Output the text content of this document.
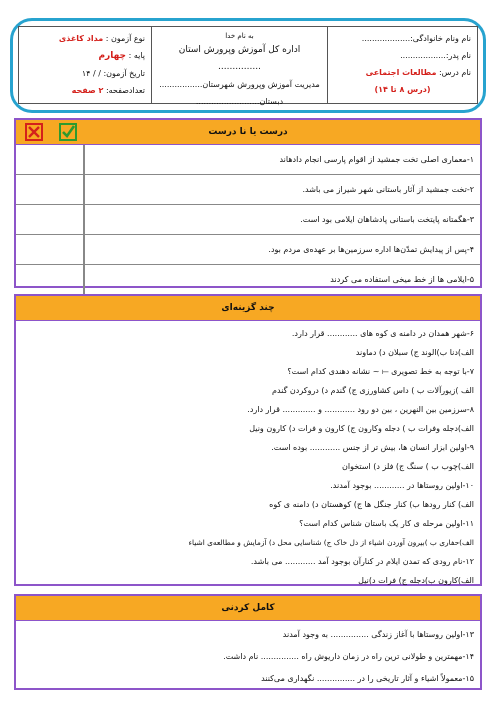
نام ونام خانوادگی:...................
نام پدر:..................
نام درس: مطالعات اجتماعی
(درس ۸ تا ۱۴)
به نام خدا
اداره کل آموزش وپرورش استان ...............
مدیریت آموزش وپرورش شهرستان.................
دبستان.........................
نوع آزمون : مداد کاغذی
پایه : چهارم
تاریخ آزمون: / / ۱۴
تعدادصفحه: ۲ صفحه
درست یا نا درست
۱-معماری اصلی تخت جمشید از اقوام پارسی انجام دادهاند
۲-تخت جمشید از آثار باستانی شهر شیراز می باشد.
۳-هگمتانه پایتخت باستانی پادشاهان ایلامی بود است.
۴-پس از پیدایش تمدّن‌ها اداره سرزمین‌ها بر عهده‌ی مردم بود.
۵-ایلامی ها از خط میخی استفاده می کردند
چند گزینه‌ای
۶-شهر همدان در دامنه ی کوه های ............ قرار دارد.
الف)دنا ب)الوند ج) سبلان د) دماوند
۷-با توجه به خط تصویری ⟞ ~ نشانه دهندی کدام است؟
الف )زیورآلات ب ) داس کشاورزی ج) گندم د) دروکردن گندم
۸-سرزمین بین النهرین ، بین دو رود ............ و ............. قرار دارد.
الف)دجله وفرات ب ) دجله وکارون ج) کارون و فرات د) کارون ونیل
۹-اولین ابزار انسان ها، بیش تر از جنس ............ بوده است.
الف)چوب ب ) سنگ ج) فلز د) استخوان
۱۰-اولین روستاها در ............ بوجود آمدند.
الف) کنار رودها ب) کنار جنگل ها ج) کوهستان د) دامنه ی کوه
۱۱-اولین مرحله ی کار یک باستان شناس کدام است؟
الف)حفاری ب )بیرون آوردن اشیاء از دل خاک ج) شناسایی محل د) آزمایش و مطالعه‌ی اشیاء
۱۲-نام رودی که تمدن ایلام در کنارآن بوجود آمد ............ می باشد.
الف)کارون ب)دجله ج) فرات د)نیل
کامل کردنی
۱۳-اولین روستاها با آغاز زندگی ............... به وجود آمدند
۱۴-مهمترین و طولانی ترین راه در زمان داریوش راه ............... نام داشت.
۱۵-معمولاً اشیاء و آثار تاریخی را در ............... نگهداری می‌کنند
